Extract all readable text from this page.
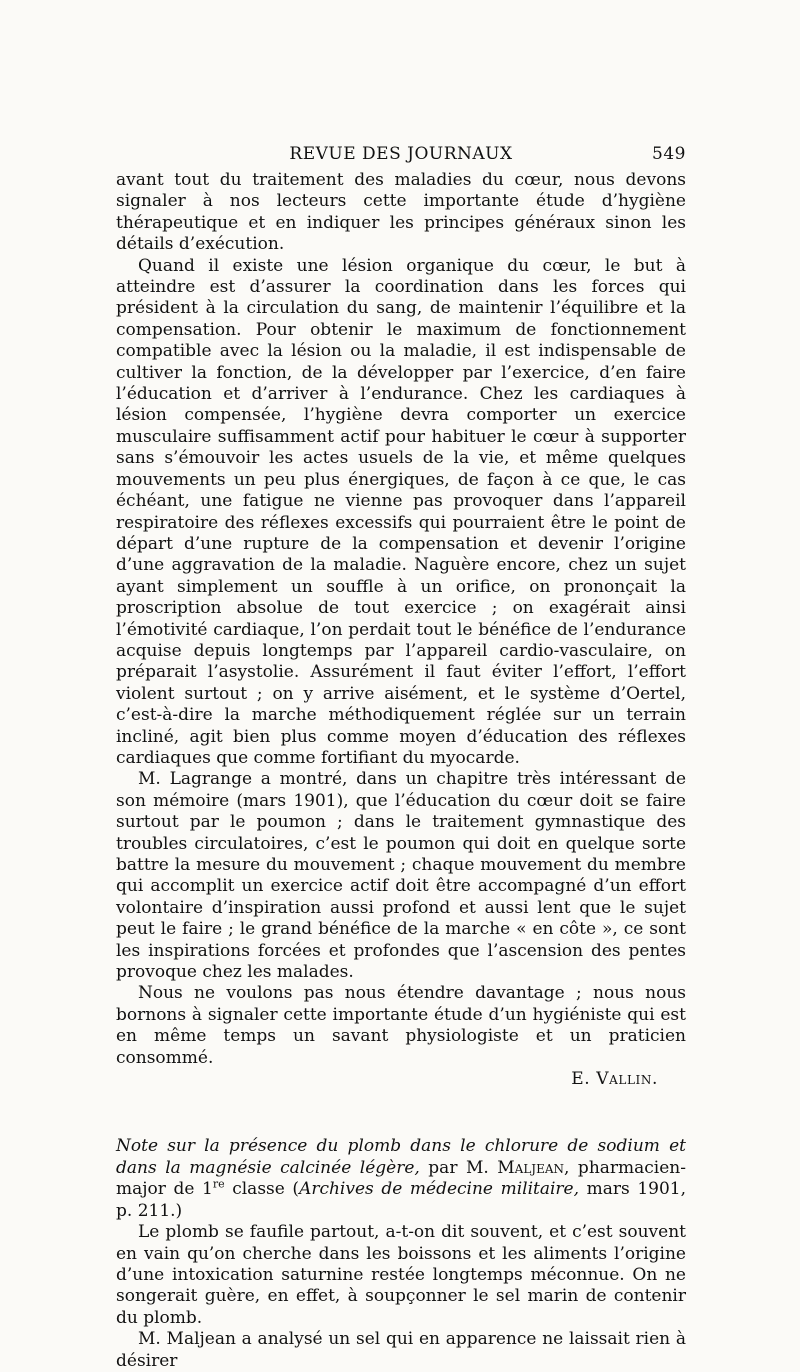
REVUE DES JOURNAUX	549

avant tout du traitement des maladies du cœur, nous devons signaler à nos lecteurs cette importante étude d’hygiène thérapeutique et en indiquer les principes généraux sinon les détails d’exécution.

Quand il existe une lésion organique du cœur, le but à atteindre est d’assurer la coordination dans les forces qui président à la circulation du sang, de maintenir l’équilibre et la compensation. Pour obtenir le maximum de fonctionnement compatible avec la lésion ou la maladie, il est indispensable de cultiver la fonction, de la développer par l’exercice, d’en faire l’éducation et d’arriver à l’endurance. Chez les cardiaques à lésion compensée, l’hygiène devra comporter un exercice musculaire suffisamment actif pour habituer le cœur à supporter sans s’émouvoir les actes usuels de la vie, et même quelques mouvements un peu plus énergiques, de façon à ce que, le cas échéant, une fatigue ne vienne pas provoquer dans l’appareil respiratoire des réflexes excessifs qui pourraient être le point de départ d’une rupture de la compensation et devenir l’origine d’une aggravation de la maladie. Naguère encore, chez un sujet ayant simplement un souffle à un orifice, on prononçait la proscription absolue de tout exercice ; on exagérait ainsi l’émotivité cardiaque, l’on perdait tout le bénéfice de l’endurance acquise depuis longtemps par l’appareil cardio-vasculaire, on préparait l’asystolie. Assurément il faut éviter l’effort, l’effort violent surtout ; on y arrive aisément, et le système d’Oertel, c’est-à-dire la marche méthodiquement réglée sur un terrain incliné, agit bien plus comme moyen d’éducation des réflexes cardiaques que comme fortifiant du myocarde.

M. Lagrange a montré, dans un chapitre très intéressant de son mémoire (mars 1901), que l’éducation du cœur doit se faire surtout par le poumon ; dans le traitement gymnastique des troubles circulatoires, c’est le poumon qui doit en quelque sorte battre la mesure du mouvement ; chaque mouvement du membre qui accomplit un exercice actif doit être accompagné d’un effort volontaire d’inspiration aussi profond et aussi lent que le sujet peut le faire ; le grand bénéfice de la marche « en côte », ce sont les inspirations forcées et profondes que l’ascension des pentes provoque chez les malades.

Nous ne voulons pas nous étendre davantage ; nous nous bornons à signaler cette importante étude d’un hygiéniste qui est en même temps un savant physiologiste et un praticien consommé.

E. Vallin.

Note sur la présence du plomb dans le chlorure de sodium et dans la magnésie calcinée légère, par M. Maljean, pharmacien-major de 1re classe (Archives de médecine militaire, mars 1901, p. 211.)

Le plomb se faufile partout, a-t-on dit souvent, et c’est souvent en vain qu’on cherche dans les boissons et les aliments l’origine d’une intoxication saturnine restée longtemps méconnue. On ne songerait guère, en effet, à soupçonner le sel marin de contenir du plomb.

M. Maljean a analysé un sel qui en apparence ne laissait rien à désirer
